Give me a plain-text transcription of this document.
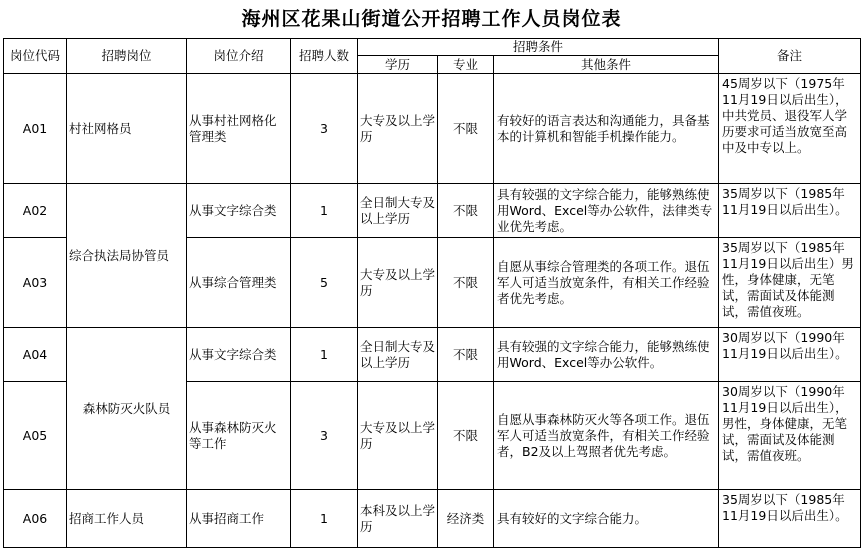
海州区花果山街道公开招聘工作人员岗位表
岗位代码	招聘岗位	岗位介绍	招聘人数	招聘条件			备注
				学历	专业	其他条件	
A01	村社网格员	从事村社网格化管理类	3	大专及以上学历	不限	有较好的语言表达和沟通能力，具备基本的计算机和智能手机操作能力。	45周岁以下（1975年11月19日以后出生），中共党员、退役军人学历要求可适当放宽至高中及中专以上。

A02	综合执法局协管员	从事文字综合类	1	全日制大专及以上学历	不限	具有较强的文字综合能力，能够熟练使用Word、Excel等办公软件，法律类专业优先考虑。	35周岁以下（1985年11月19日以后出生）。

A03		从事综合管理类	5	大专及以上学历	不限	自愿从事综合管理类的各项工作。退伍军人可适当放宽条件，有相关工作经验者优先考虑。	35周岁以下（1985年11月19日以后出生）男性，身体健康，无笔试，需面试及体能测试，需值夜班。

A04	森林防灭火队员	从事文字综合类	1	全日制大专及以上学历	不限	具有较强的文字综合能力，能够熟练使用Word、Excel等办公软件。	30周岁以下（1990年11月19日以后出生）。

A05		从事森林防灭火等工作	3	大专及以上学历	不限	自愿从事森林防灭火等各项工作。退伍军人可适当放宽条件，有相关工作经验者，B2及以上驾照者优先考虑。	30周岁以下（1990年11月19日以后出生），男性，身体健康，无笔试，需面试及体能测试，需值夜班。

A06	招商工作人员	从事招商工作	1	本科及以上学历	经济类	具有较好的文字综合能力。	35周岁以下（1985年11月19日以后出生）。
